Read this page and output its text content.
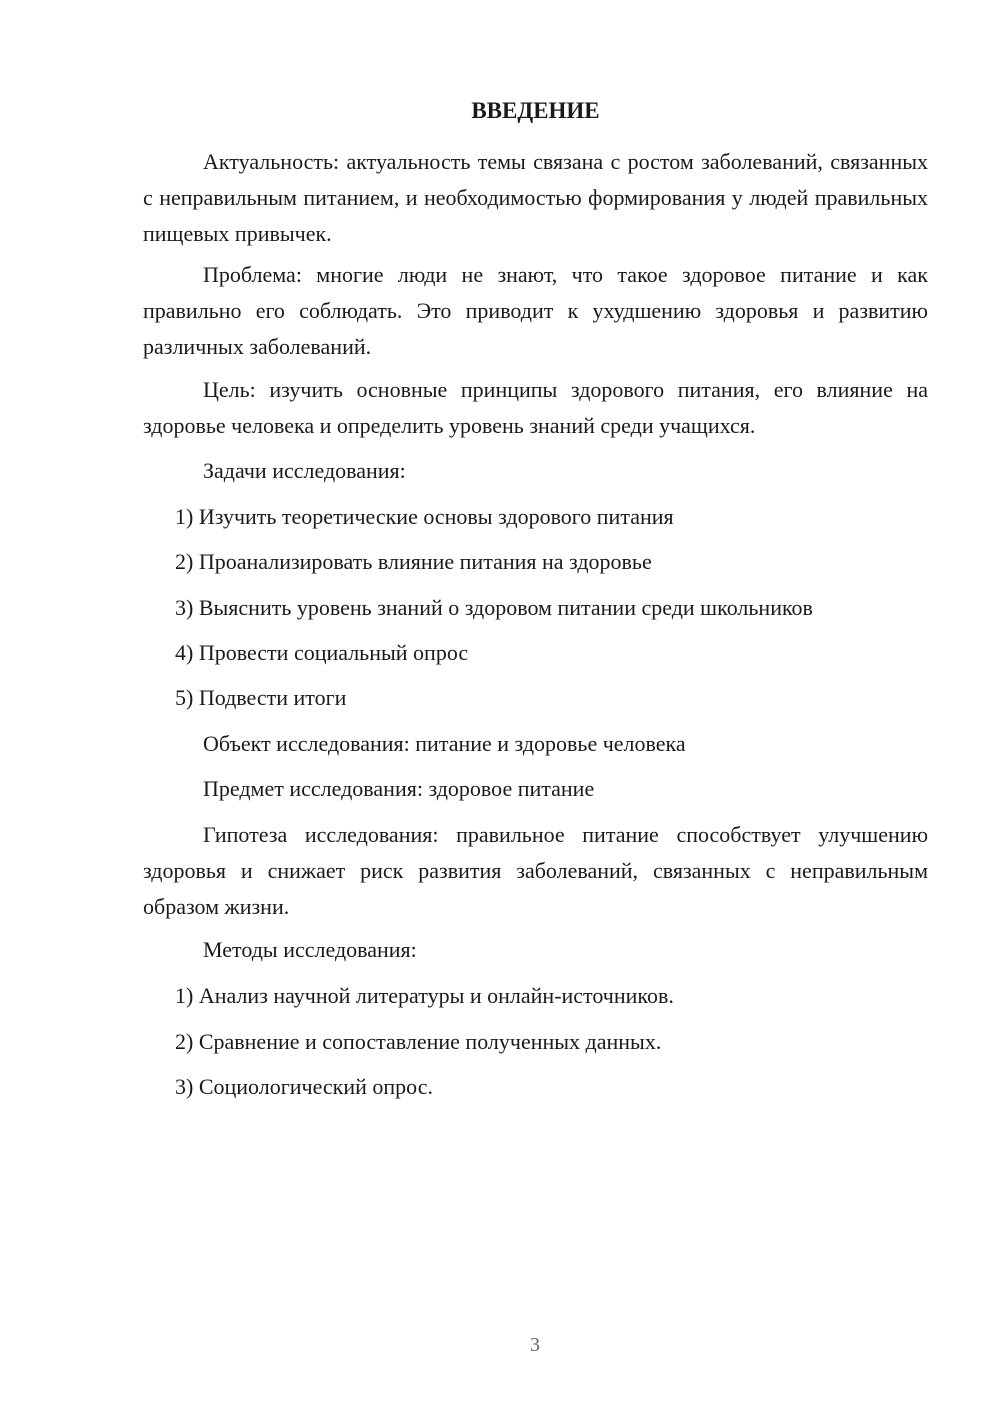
ВВЕДЕНИЕ

Актуальность: актуальность темы связана с ростом заболеваний, связанных с неправильным питанием, и необходимостью формирования у людей правильных пищевых привычек.

Проблема: многие люди не знают, что такое здоровое питание и как правильно его соблюдать. Это приводит к ухудшению здоровья и развитию различных заболеваний.

Цель: изучить основные принципы здорового питания, его влияние на здоровье человека и определить уровень знаний среди учащихся.

Задачи исследования:

1) Изучить теоретические основы здорового питания

2) Проанализировать влияние питания на здоровье

3) Выяснить уровень знаний о здоровом питании среди школьников

4) Провести социальный опрос

5) Подвести итоги

Объект исследования: питание и здоровье человека

Предмет исследования: здоровое питание

Гипотеза исследования: правильное питание способствует улучшению здоровья и снижает риск развития заболеваний, связанных с неправильным образом жизни.

Методы исследования:

1) Анализ научной литературы и онлайн-источников.

2) Сравнение и сопоставление полученных данных.

3) Социологический опрос.

3
